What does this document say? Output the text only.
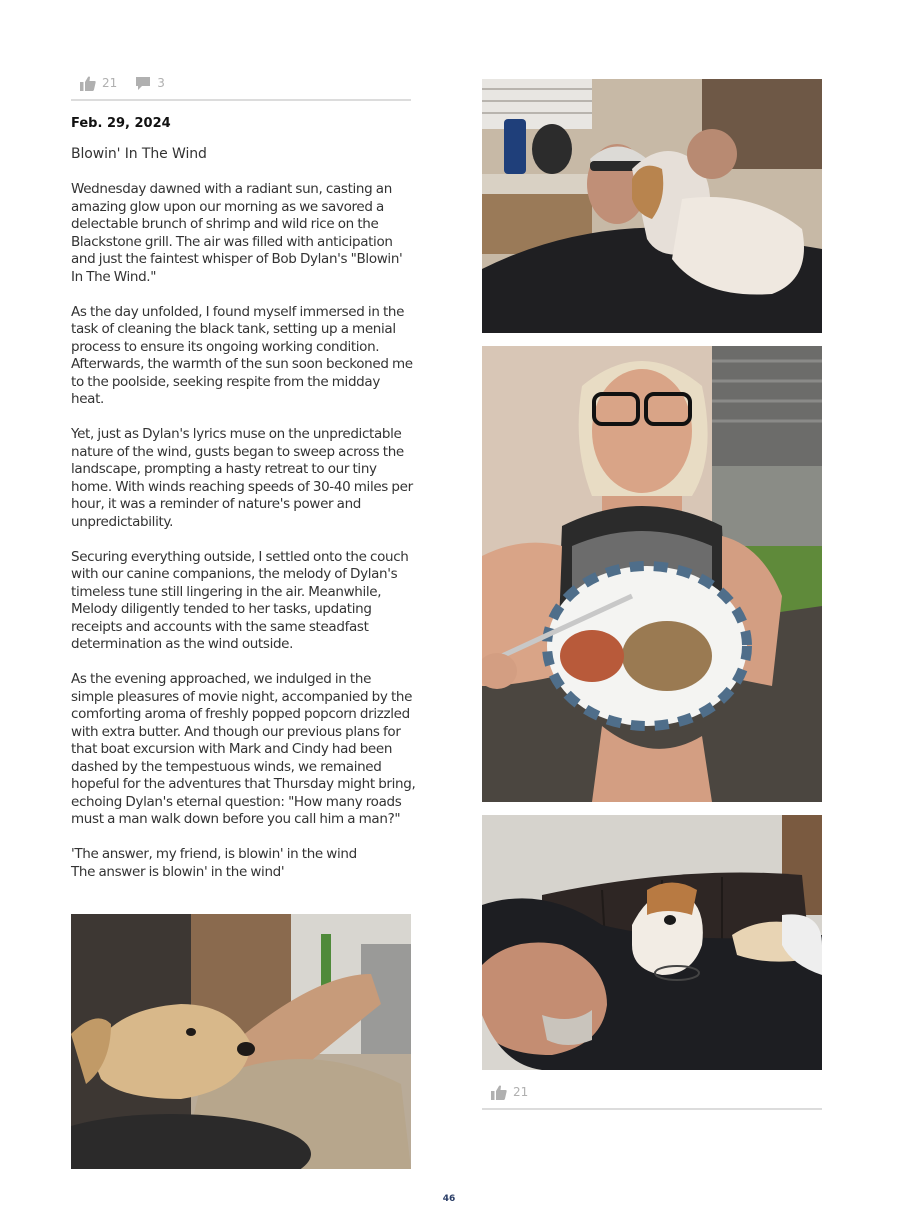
21	3
Feb. 29, 2024
Blowin' In The Wind

Wednesday dawned with a radiant sun, casting an amazing glow upon our morning as we savored a delectable brunch of shrimp and wild rice on the Blackstone grill. The air was filled with anticipation and just the faintest whisper of Bob Dylan's "Blowin' In The Wind."

As the day unfolded, I found myself immersed in the task of cleaning the black tank, setting up a menial process to ensure its ongoing working condition. Afterwards, the warmth of the sun soon beckoned me to the poolside, seeking respite from the midday heat.

Yet, just as Dylan's lyrics muse on the unpredictable nature of the wind, gusts began to sweep across the landscape, prompting a hasty retreat to our tiny home. With winds reaching speeds of 30-40 miles per hour, it was a reminder of nature's power and unpredictability.

Securing everything outside, I settled onto the couch with our canine companions, the melody of Dylan's timeless tune still lingering in the air. Meanwhile, Melody diligently tended to her tasks, updating receipts and accounts with the same steadfast determination as the wind outside.

As the evening approached, we indulged in the simple pleasures of movie night, accompanied by the comforting aroma of freshly popped popcorn drizzled with extra butter. And though our previous plans for that boat excursion with Mark and Cindy had been dashed by the tempestuous winds, we remained hopeful for the adventures that Thursday might bring, echoing Dylan's eternal question: "How many roads must a man walk down before you call him a man?"

'The answer, my friend, is blowin' in the wind

The answer is blowin' in the wind'

21
46
